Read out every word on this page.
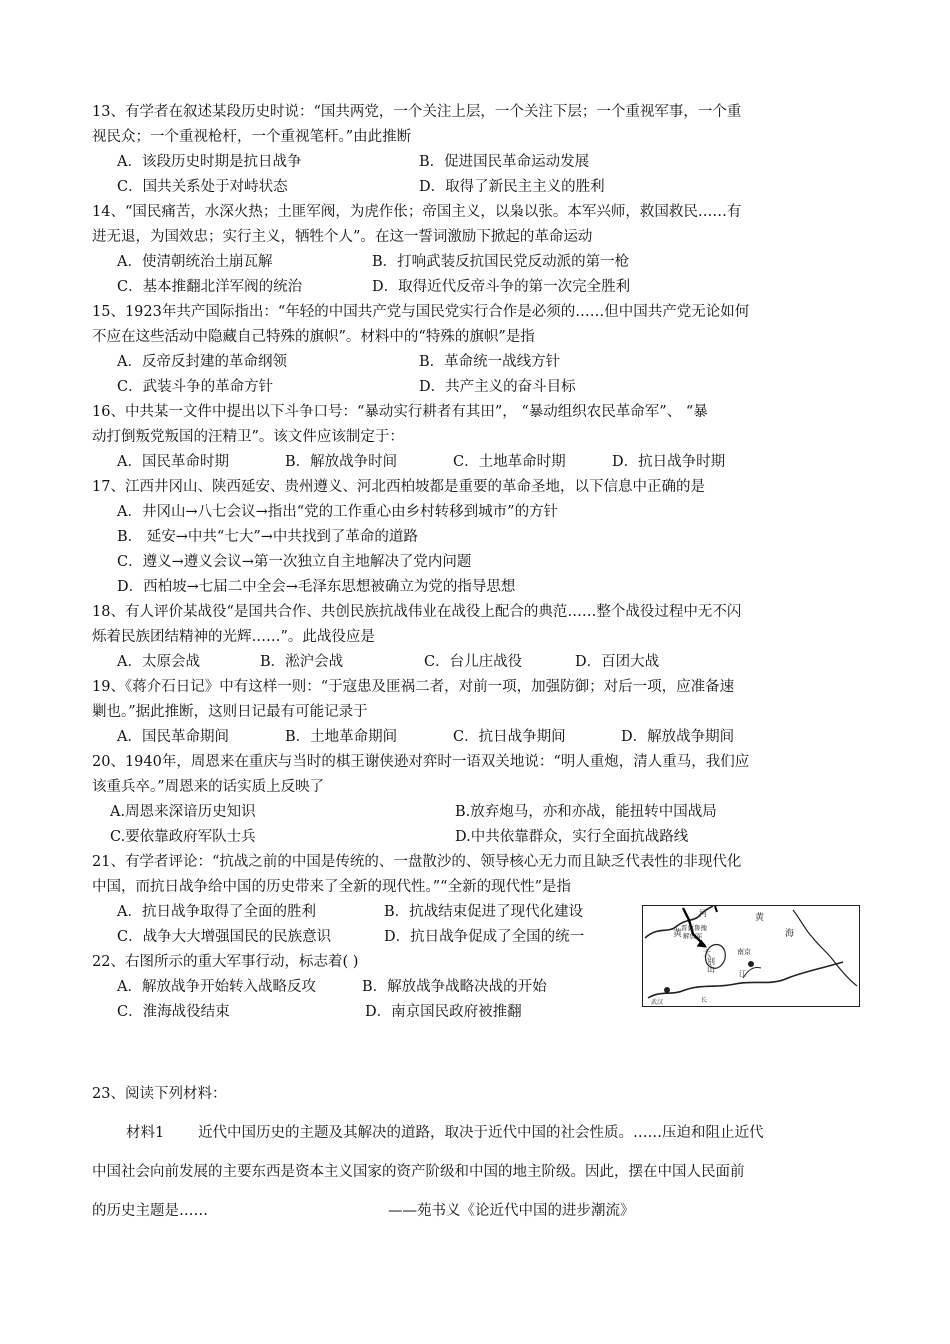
13、有学者在叙述某段历史时说：“国共两党，一个关注上层，一个关注下层；一个重视军事，一个重
视民众；一个重视枪杆，一个重视笔杆。”由此推断
A．该段历史时期是抗日战争	B．促进国民革命运动发展
C．国共关系处于对峙状态	D．取得了新民主主义的胜利
14、“国民痛苦，水深火热；土匪军阀，为虎作伥；帝国主义，以枭以张。本军兴师，救国救民……有
进无退，为国效忠；实行主义，牺牲个人”。在这一誓词激励下掀起的革命运动
A．使清朝统治土崩瓦解	B．打响武装反抗国民党反动派的第一枪
C．基本推翻北洋军阀的统治	D．取得近代反帝斗争的第一次完全胜利
15、1923年共产国际指出：“年轻的中国共产党与国民党实行合作是必须的……但中国共产党无论如何
不应在这些活动中隐藏自己特殊的旗帜”。材料中的“特殊的旗帜”是指
A．反帝反封建的革命纲领	B．革命统一战线方针
C．武装斗争的革命方针	D．共产主义的奋斗目标
16、中共某一文件中提出以下斗争口号：“暴动实行耕者有其田”， “暴动组织农民革命军”、 “暴
动打倒叛党叛国的汪精卫”。该文件应该制定于：
A．国民革命时期	B．解放战争时间	C．土地革命时期	D．抗日战争时期
17、江西井冈山、陕西延安、贵州遵义、河北西柏坡都是重要的革命圣地，以下信息中正确的是
A．井冈山→八七会议→指出“党的工作重心由乡村转移到城市”的方针
B． 延安→中共“七大”→中共找到了革命的道路
C．遵义→遵义会议→第一次独立自主地解决了党内问题
D．西柏坡→七届二中全会→毛泽东思想被确立为党的指导思想
18、有人评价某战役“是国共合作、共创民族抗战伟业在战役上配合的典范……整个战役过程中无不闪
烁着民族团结精神的光辉……”。此战役应是
A．太原会战	B．淞沪会战	C．台儿庄战役	D．百团大战
19、《蒋介石日记》中有这样一则：“于寇患及匪祸二者，对前一项，加强防御；对后一项，应准备速
剿也。”据此推断，这则日记最有可能记录于
A．国民革命期间	B．土地革命期间	C．抗日战争期间	D．解放战争期间
20、1940年，周恩来在重庆与当时的棋王谢侠逊对弈时一语双关地说：“明人重炮，清人重马，我们应
该重兵卒。”周恩来的话实质上反映了
A.周恩来深谙历史知识	B.放弃炮马，亦和亦战，能扭转中国战局
C.要依靠政府军队士兵	D.中共依靠群众，实行全面抗战路线
21、有学者评论：“抗战之前的中国是传统的、一盘散沙的、领导核心无力而且缺乏代表性的非现代化
中国，而抗日战争给中国的历史带来了全新的现代性。”“全新的现代性”是指
A．抗日战争取得了全面的胜利	B．抗战结束促进了现代化建设
C．战争大大增强国民的民族意识	D．抗日战争促成了全国的统一
22、右图所示的重大军事行动，标志着( )
A．解放战争开始转入战略反攻	B．解放战争战略决战的开始
C．淮海战役结束	D．南京国民政府被推翻
河
黄
黄
海
晋冀鲁豫
解放军
大
别
山
南京
江
长
武汉
23、阅读下列材料：
材料1 近代中国历史的主题及其解决的道路，取决于近代中国的社会性质。……压迫和阻止近代
中国社会向前发展的主要东西是资本主义国家的资产阶级和中国的地主阶级。因此，摆在中国人民面前
的历史主题是……	——苑书义《论近代中国的进步潮流》
